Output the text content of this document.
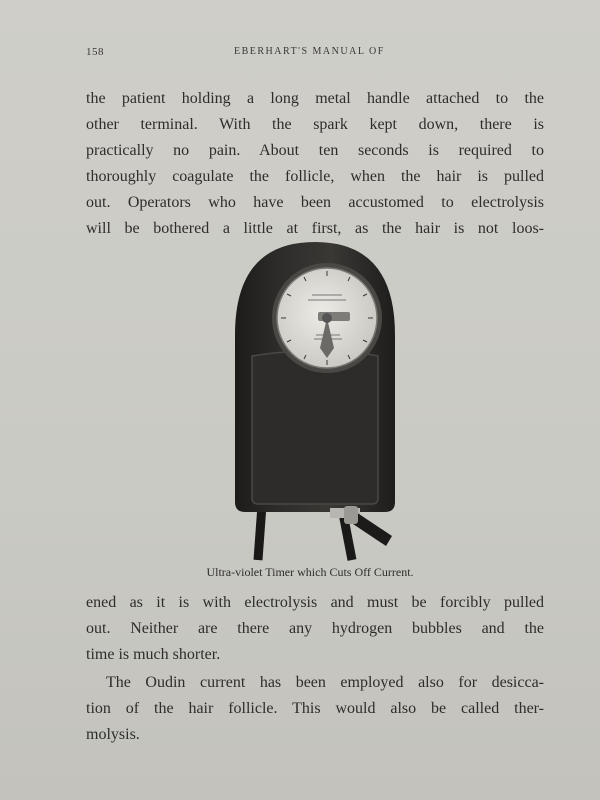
158	EBERHART'S MANUAL OF
the patient holding a long metal handle attached to the
other terminal. With the spark kept down, there is
practically no pain. About ten seconds is required to
thoroughly coagulate the follicle, when the hair is pulled
out. Operators who have been accustomed to electrolysis
will be bothered a little at first, as the hair is not loos-
Ultra-violet Timer which Cuts Off Current.
ened as it is with electrolysis and must be forcibly pulled
out. Neither are there any hydrogen bubbles and the
time is much shorter.
The Oudin current has been employed also for desicca-
tion of the hair follicle. This would also be called ther-
molysis.
